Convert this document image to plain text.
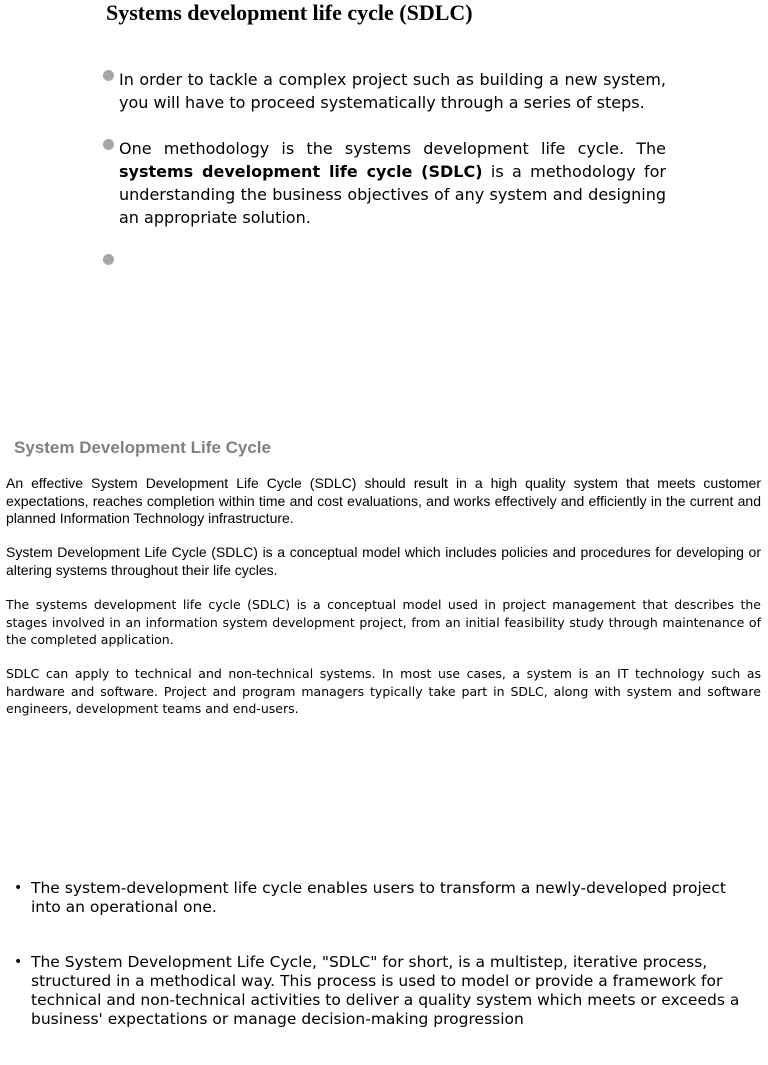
Systems development life cycle (SDLC)
In order to tackle a complex project such as building a new system, you will have to proceed systematically through a series of steps.
One methodology is the systems development life cycle. The systems development life cycle (SDLC) is a methodology for understanding the business objectives of any system and designing an appropriate solution.
System Development Life Cycle

An effective System Development Life Cycle (SDLC) should result in a high quality system that meets customer expectations, reaches completion within time and cost evaluations, and works effectively and efficiently in the current and planned Information Technology infrastructure.

System Development Life Cycle (SDLC) is a conceptual model which includes policies and procedures for developing or altering systems throughout their life cycles.

The systems development life cycle (SDLC) is a conceptual model used in project management that describes the stages involved in an information system development project, from an initial feasibility study through maintenance of the completed application.

SDLC can apply to technical and non-technical systems. In most use cases, a system is an IT technology such as hardware and software. Project and program managers typically take part in SDLC, along with system and software engineers, development teams and end-users.

• The system-development life cycle enables users to transform a newly-developed project into an operational one.
• The System Development Life Cycle, "SDLC" for short, is a multistep, iterative process, structured in a methodical way. This process is used to model or provide a framework for technical and non-technical activities to deliver a quality system which meets or exceeds a business' expectations or manage decision-making progression
